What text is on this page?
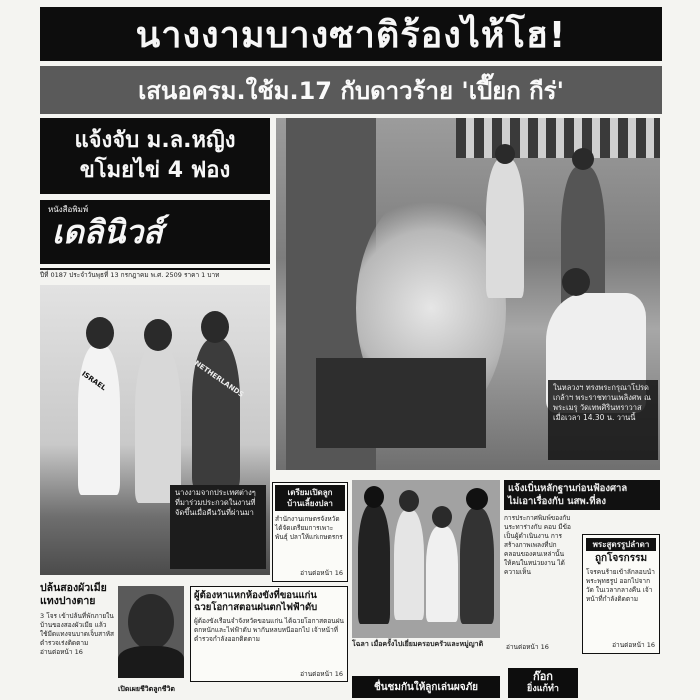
นางงามบางซาติร้องไห้โฮ!
เสนอครม.ใช้ม.17 กับดาวร้าย 'เปี๊ยก กีร่'
แจ้งจับ ม.ล.หญิง
ขโมยไข่ 4 ฟอง
หนังสือพิมพ์
เดลินิวส์
ปีที่ 0187 ประจำวันพุธที่ 13 กรกฎาคม พ.ศ. 2509 ราคา 1 บาท
ในหลวงฯ ทรงพระกรุณาโปรดเกล้าฯ พระราชทานเพลิงศพ ณ พระเมรุ วัดเทพศิรินทราวาส เมื่อเวลา 14.30 น. วานนี้
ISRAEL	NETHERLANDS
นางงามจากประเทศต่างๆ ที่มาร่วมประกวดในงานที่จัดขึ้นเมื่อคืนวันที่ผ่านมา
เตรียมเปิดลูก
บ้านเลี้ยงปลา
สำนักงานเกษตรจังหวัด ได้จัดเตรียมการเพาะพันธุ์ ปลาให้แก่เกษตรกร
อ่านต่อหน้า 16
โฉลา เมื่อครั้งไปเยี่ยมครอบครัวและหมู่ญาติ
แจ้งเบิ่นหลักฐานก่อนฟ้องศาล
ไม่เอาเรื่องกับ นสพ.ที่ลง
การประกาศพิมพ์ของกับ นระทาร่างกับ คอบ มีข้อเป็นผู้ดำเนินงาน การสร้างภาพเพลงที่ปกคลอนของคนเหล่านั้น ให้คนในหน่วยงาน ได้ความเห็น
อ่านต่อหน้า 16
พระสูตรรูปลำดา
ถูกโจรกรรม
โจรคนร้ายเข้าลักลอบนำ พระพุทธรูป ออกไปจากวัด ในเวลากลางคืน เจ้าหน้าที่กำลังติดตาม
อ่านต่อหน้า 16
ปล้นสองผัวเมีย
แทงปางตาย
3 โจร เข้าปล้นที่พักภายในบ้านของสองผัวเมีย แล้วใช้มีดแทงจนบาดเจ็บสาหัส ตำรวจเร่งติดตาม
อ่านต่อหน้า 16
ผู้ต้องหาแหกห้องขังที่ขอนแก่น
ฉวยโอกาสตอนฝนตกไฟฟ้าดับ
ผู้ต้องขังเรือนจำจังหวัดขอนแก่น ได้ฉวยโอกาสตอนฝนตกหนักและไฟฟ้าดับ พากันหลบหนีออกไป เจ้าหน้าที่ตำรวจกำลังออกติดตาม
อ่านต่อหน้า 16
เปิดเผยชีวิตลูกชีวิต	ชื่นชมกันให้ลูกเล่นผจภัย
ก๊อก
ยิ่งแก้ทำ
